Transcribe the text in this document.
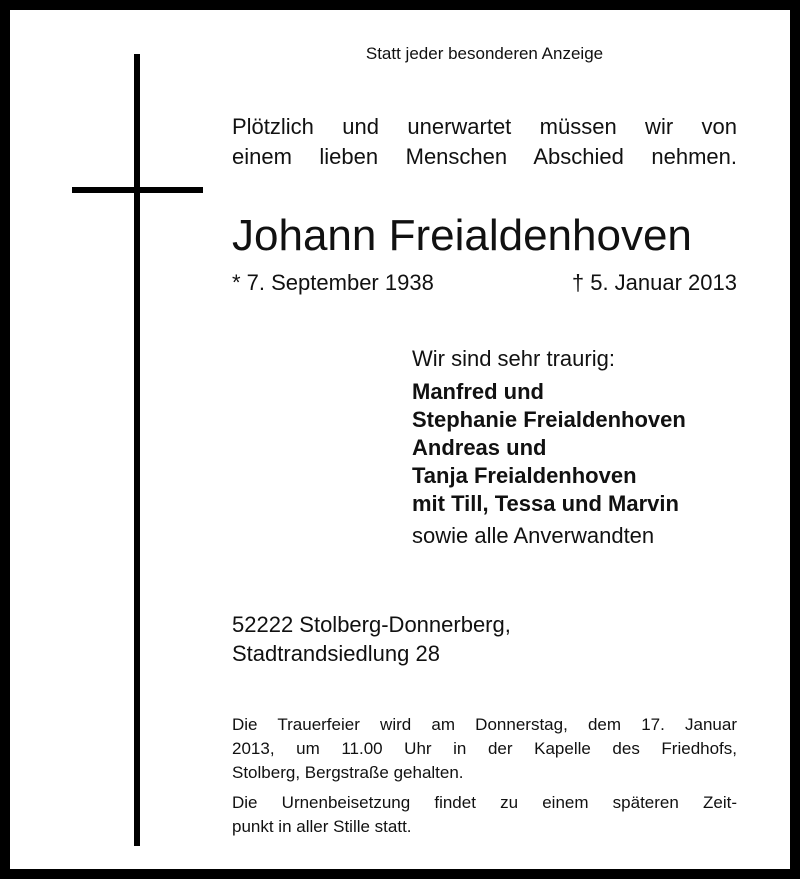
Statt jeder besonderen Anzeige
Plötzlich und unerwartet müssen wir von
einem lieben Menschen Abschied nehmen.
Johann Freialdenhoven
* 7. September 1938	† 5. Januar 2013
Wir sind sehr traurig:
Manfred und
Stephanie Freialdenhoven
Andreas und
Tanja Freialdenhoven
mit Till, Tessa und Marvin
sowie alle Anverwandten
52222 Stolberg-Donnerberg,
Stadtrandsiedlung 28

Die Trauerfeier wird am Donnerstag, dem 17. Januar
2013, um 11.00 Uhr in der Kapelle des Friedhofs,
Stolberg, Bergstraße gehalten.

Die Urnenbeisetzung findet zu einem späteren Zeit-
punkt in aller Stille statt.
